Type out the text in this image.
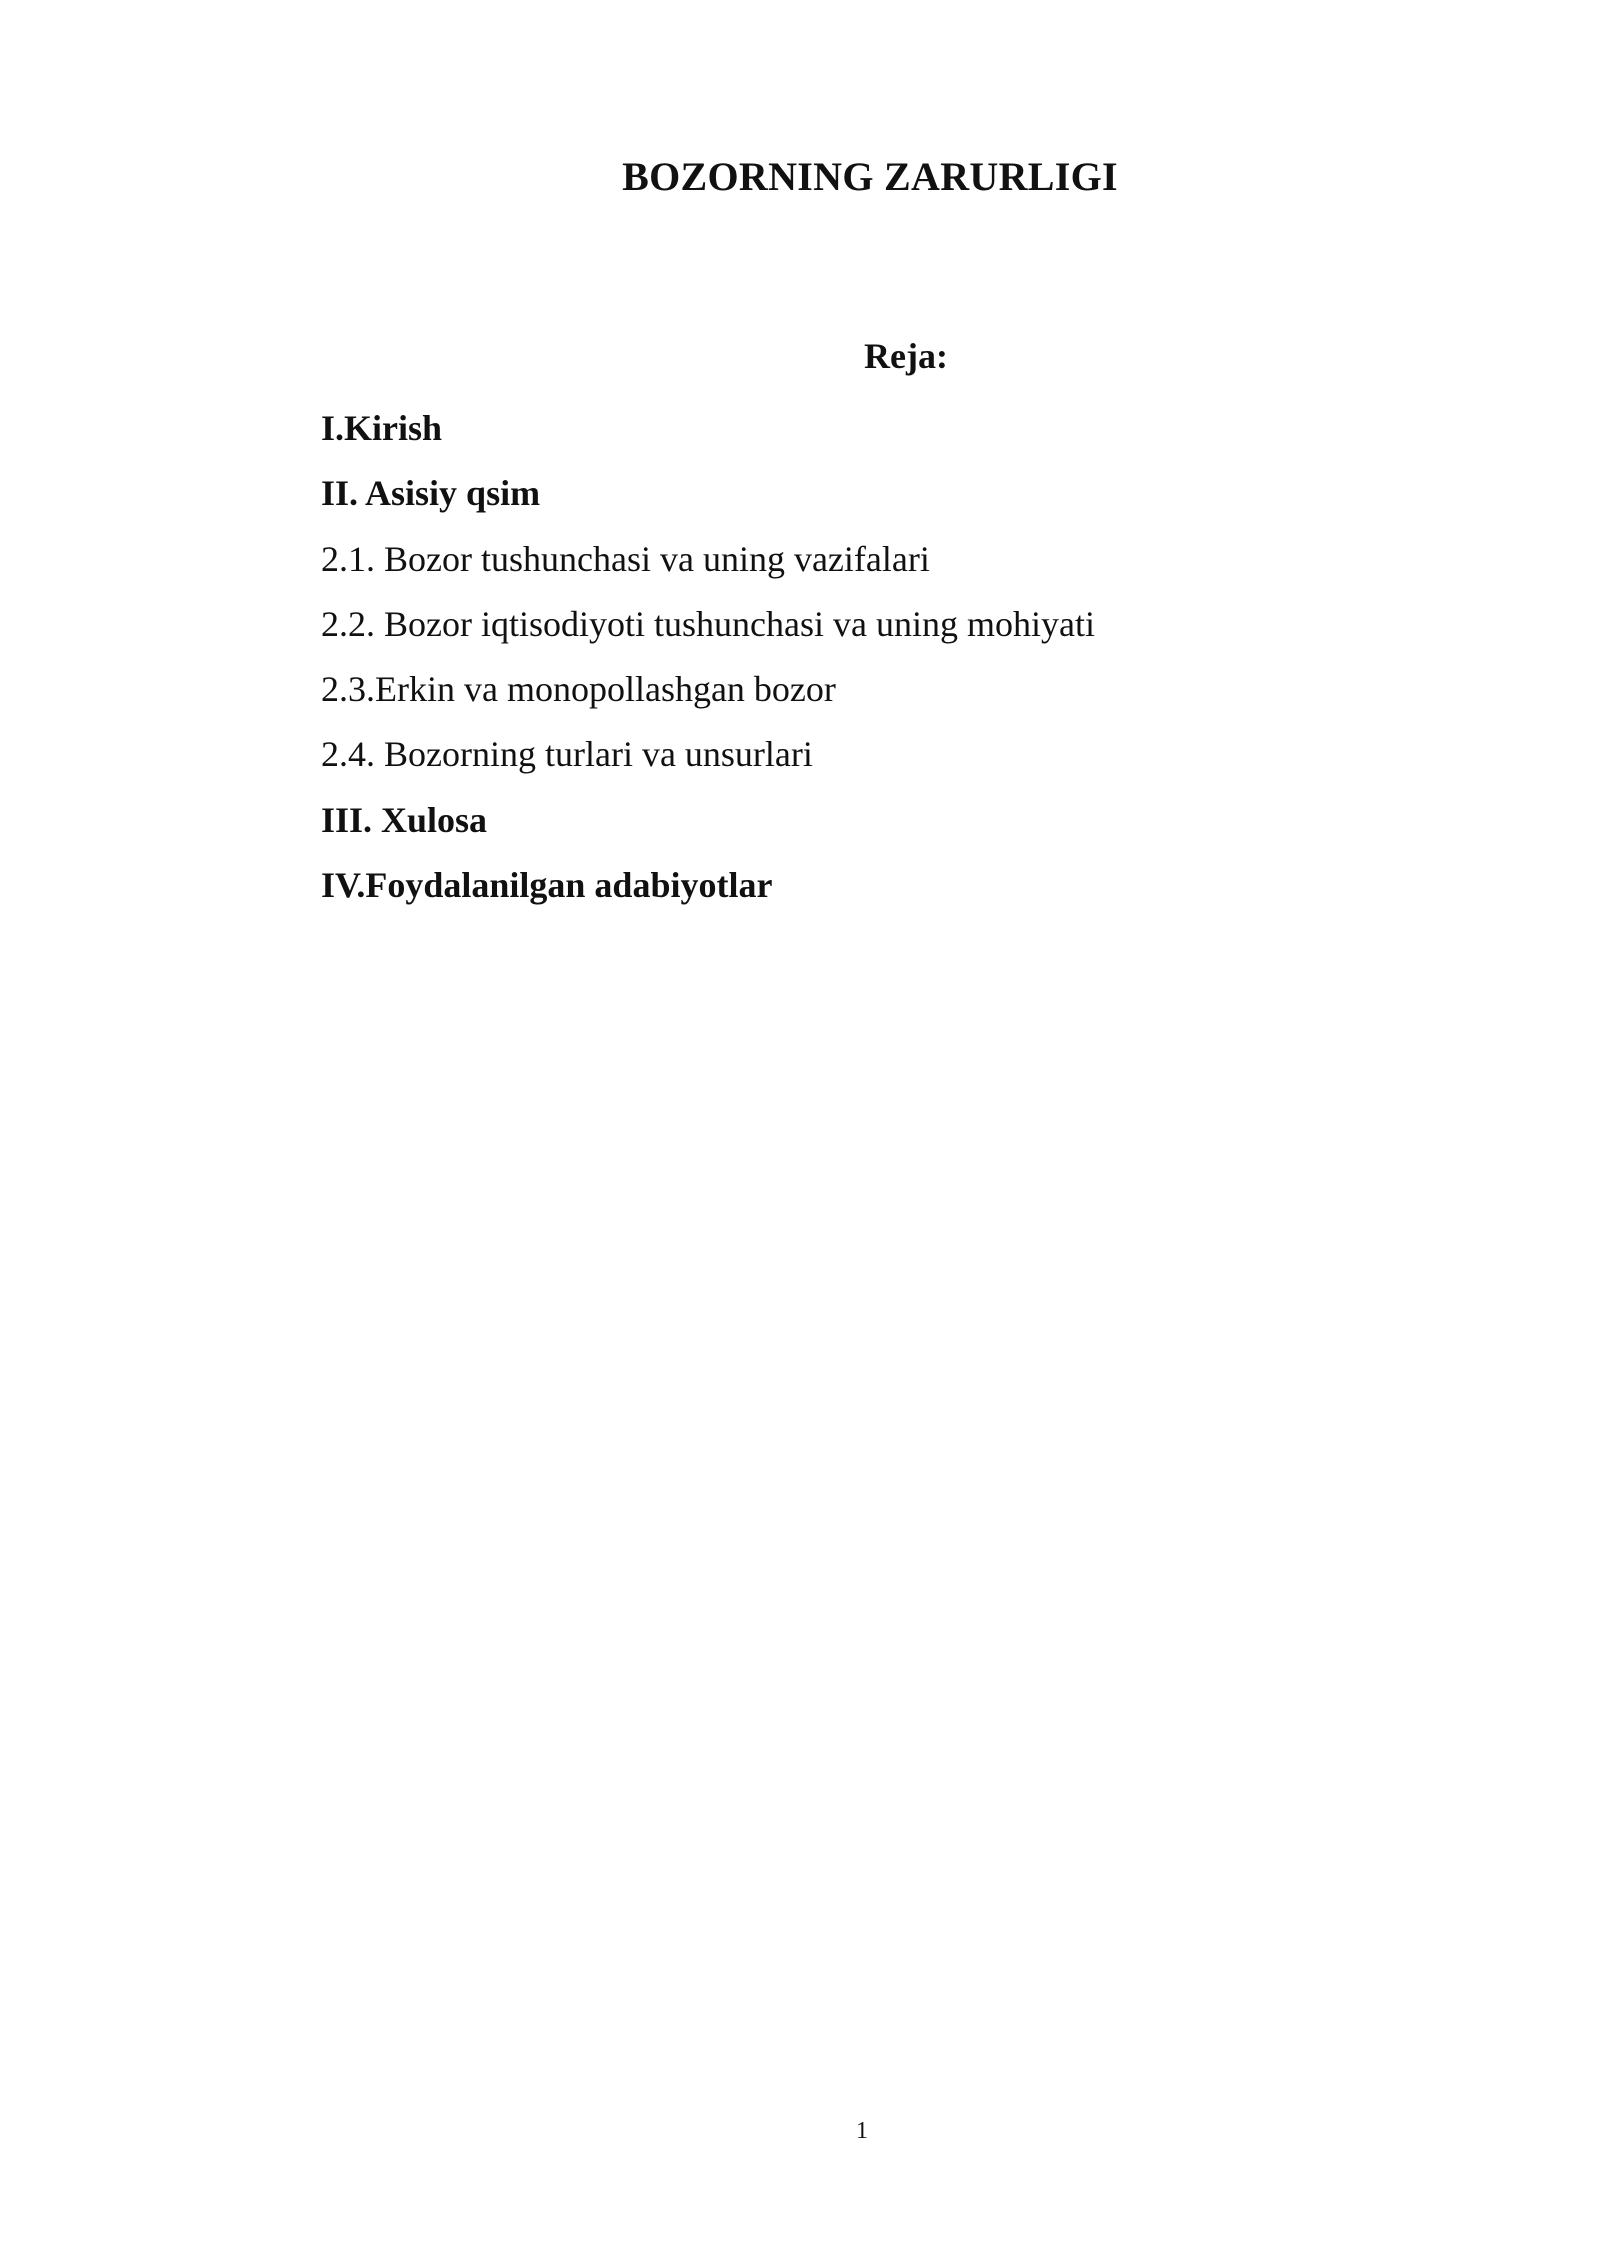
BOZORNING ZARURLIGI
Reja:
I.Kirish
II. Asisiy qsim
2.1. Bozor tushunchasi va uning vazifalari
2.2. Bozor iqtisodiyoti tushunchasi va uning mohiyati
2.3.Erkin va monopollashgan bozor
2.4. Bozorning turlari va unsurlari
III. Xulosa
IV.Foydalanilgan adabiyotlar
1
